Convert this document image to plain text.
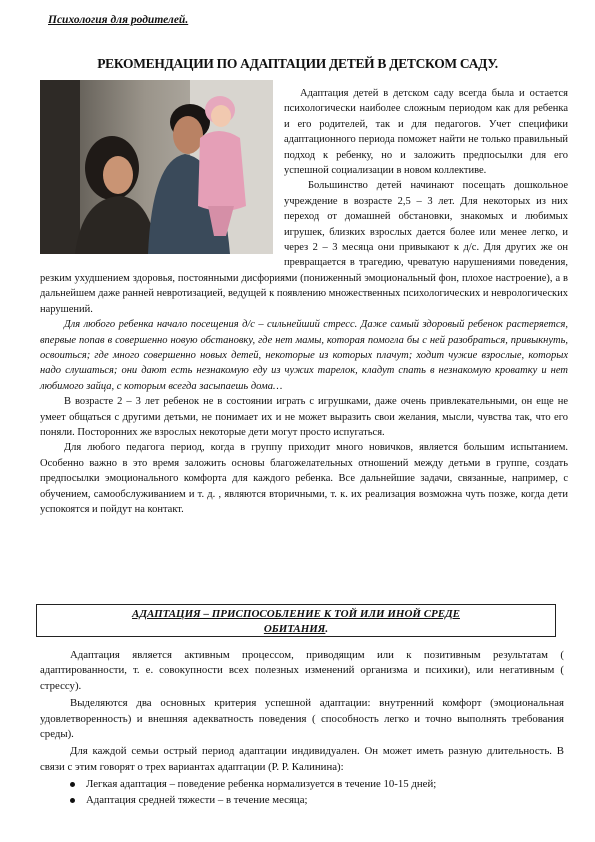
Психология для родителей.
РЕКОМЕНДАЦИИ ПО АДАПТАЦИИ ДЕТЕЙ В ДЕТСКОМ САДУ.

Адаптация детей в детском саду всегда была и остается психологически наиболее сложным периодом как для ребенка и его родителей, так и для педагогов. Учет специфики адаптационного периода поможет найти не только правильный подход к ребенку, но и заложить предпосылки для его успешной социализации в новом коллективе.

Большинство детей начинают посещать дошкольное учреждение в возрасте 2,5 – 3 лет. Для некоторых из них переход от домашней обстановки, знакомых и любимых игрушек, близких взрослых дается более или менее легко, и через 2 – 3 месяца они привыкают к д/с. Для других же он превращается в трагедию, чреватую нарушениями поведения, резким ухудшением здоровья, постоянными дисфориями (пониженный эмоциональный фон, плохое настроение), а в дальнейшем даже ранней невротизацией, ведущей к появлению множественных психологических и неврологических нарушений.

Для любого ребенка начало посещения д/с – сильнейший стресс. Даже самый здоровый ребенок растеряется, впервые попав в совершенно новую обстановку, где нет мамы, которая помогла бы с ней разобраться, привыкнуть, освоиться; где много совершенно новых детей, некоторые из которых плачут; ходит чужие взрослые, которых надо слушаться; они дают есть незнакомую еду из чужих тарелок, кладут спать в незнакомую кроватку и нет любимого зайца, с которым всегда засыпаешь дома…

В возрасте 2 – 3 лет ребенок не в состоянии играть с игрушками, даже очень привлекательными, он еще не умеет общаться с другими детьми, не понимает их и не может выразить свои желания, мысли, чувства так, что его поняли. Посторонних же взрослых некоторые дети могут просто испугаться.

Для любого педагога период, когда в группу приходит много новичков, является большим испытанием. Особенно важно в это время заложить основы благожелательных отношений между детьми в группе, создать предпосылки эмоционального комфорта для каждого ребенка. Все дальнейшие задачи, связанные, например, с обучением, самообслуживанием и т. д. , являются вторичными, т. к. их реализация возможна чуть позже, когда дети успокоятся и пойдут на контакт.

АДАПТАЦИЯ – ПРИСПОСОБЛЕНИЕ К ТОЙ ИЛИ ИНОЙ СРЕДЕ
ОБИТАНИЯ.

Адаптация является активным процессом, приводящим или к позитивным результатам ( адаптированности, т. е. совокупности всех полезных изменений организма и психики), или негативным ( стрессу).

Выделяются два основных критерия успешной адаптации: внутренний комфорт (эмоциональная удовлетворенность) и внешняя адекватность поведения ( способность легко и точно выполнять требования среды).

Для каждой семьи острый период адаптации индивидуален. Он может иметь разную длительность. В связи с этим говорят о трех вариантах адаптации (Р. Р. Калинина):

Легкая адаптация – поведение ребенка нормализуется в течение 10-15 дней;
Адаптация средней тяжести – в течение месяца;
